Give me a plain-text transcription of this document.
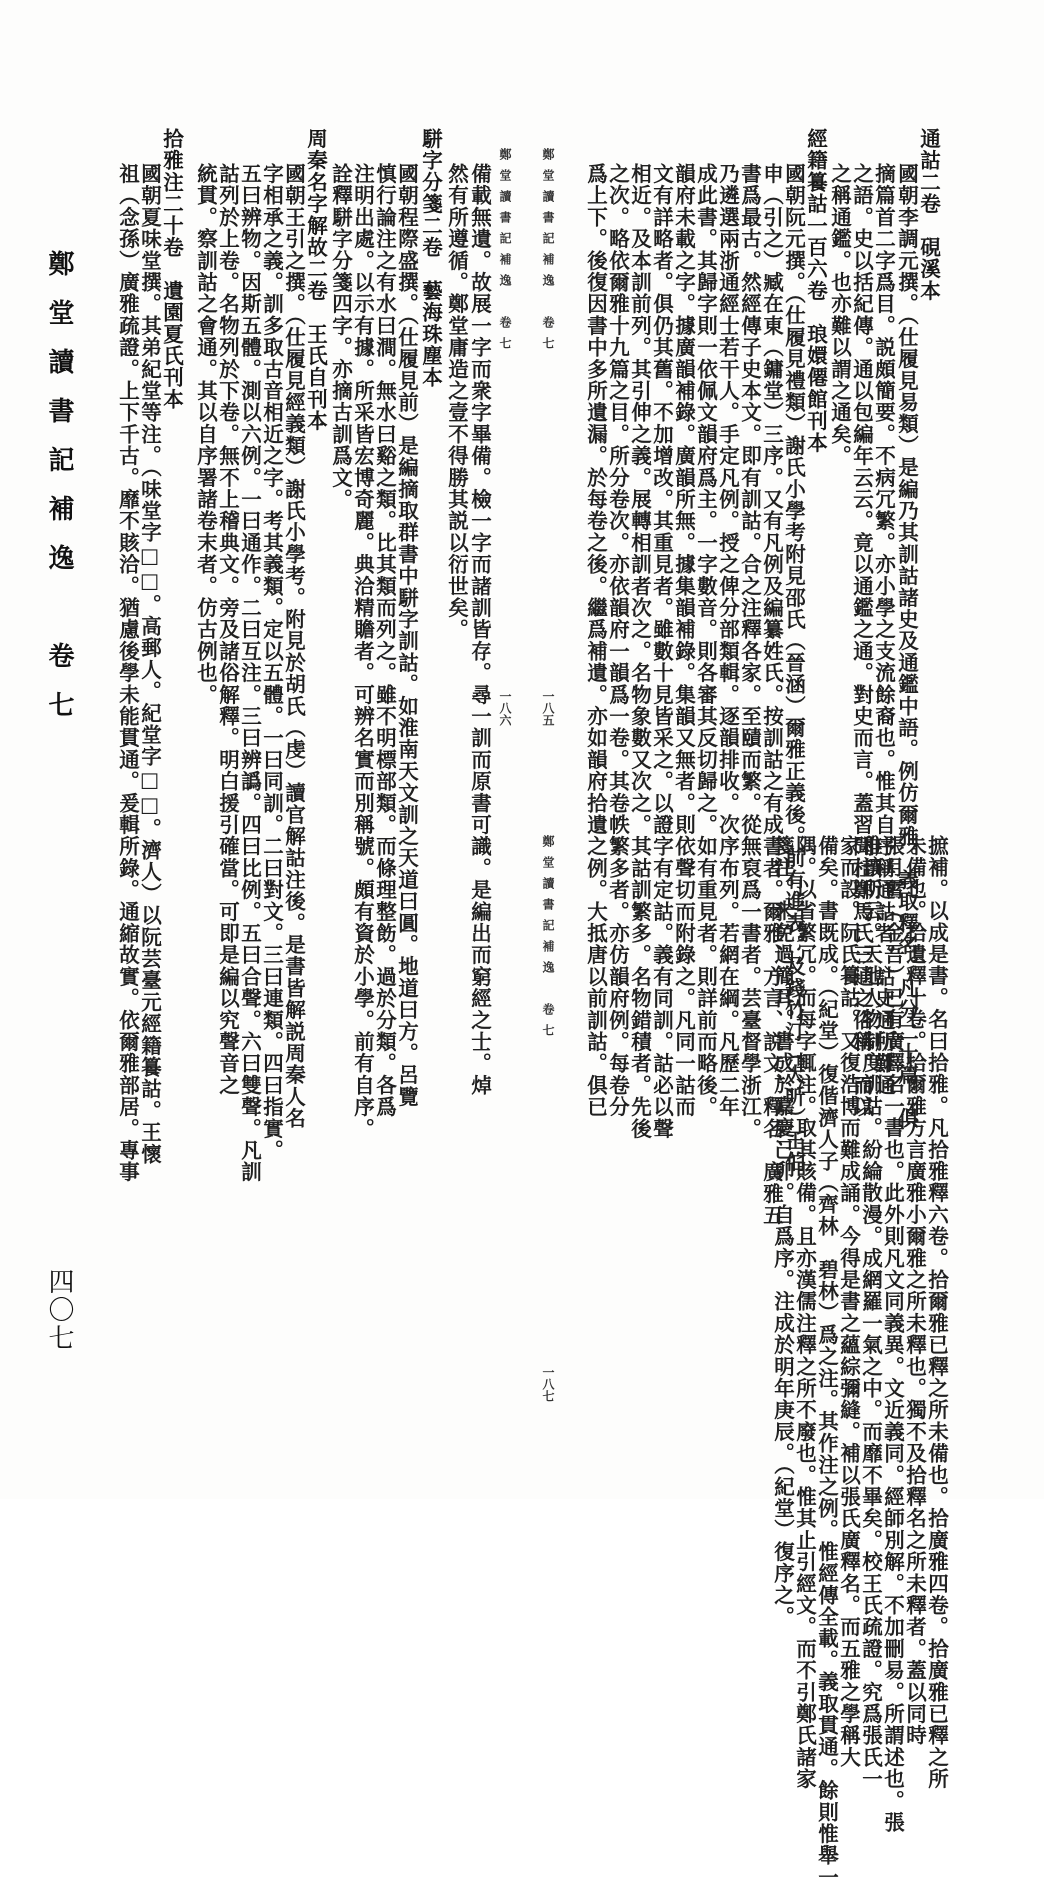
鄭堂讀書記補逸　卷七
四〇七
通詁二卷　硯溪本
國朝李調元撰。（仕履見易類）是編乃其訓詁諸史及通鑑中語。例仿爾雅。義取釋名。凡分二十篇。俱
摘篇首二字爲目。説頗簡要。不病冗繁。亦小學之支流餘裔也。惟其自序稱通詁者。詁史通所難通
之語。史以括紀傳。通以包編年云云。竟以通鑑之通。對史而言。蓋習聞杜鄭馬氏三通之俗稱。而以
之稱通鑑。也亦難以謂之通矣。
經籍籑詁一百六卷　琅嬛僊館刊本
國朝阮元撰。（仕履見禮類）謝氏小學考附見邵氏（晉涵）爾雅正義後。前有進表。及錢竹汀（大昕）王伯
申（引之）臧在東（鏞堂）三序。又有凡例及編纂姓氏。按訓詁之有成書者。爾雅、方言、説文、釋名、廣雅五
書爲最古。然經傳子史本文。即有訓詁。合之注釋各家。至賾而繁。從無裒爲一書者。芸臺督學浙江。
乃遴選兩浙通經士若干人。手定凡例。授之俾分部類輯。逐韻排收。次序布列。若網在綱。凡歷二年
成此書。其歸字則一依佩文韻府爲主。一字數音。則各審其反切歸之。如有重見者。則詳前而略後。
韻府未載之字。據廣韻補錄。廣韻所無。據集韻補錄。集韻又無者。則依聲切而附錄之。凡同一詁而
文有詳略者。俱仍其舊。不加增改。其重見者。雖數十見皆采之。以證字有定詁。義有同訓。詁必以聲
相近。及本訓前列。其引伸之義。展轉相訓者次之。名物象數又次之。其詁訓繁多。名物錯積者。先後
之次。略依爾雅十九篇之目。所分卷次。亦依韻府一韻爲一卷。其卷帙繁多者。亦仿韻府例。每卷分
爲上下。後復因書中多所遺漏。於每卷之後。繼爲補遺。亦如韻府拾遺之例。大抵唐以前訓詁。俱已
鄭堂讀書記補逸　卷七
一八五
鄭堂讀書記補逸　卷七
一八六
備載無遺。故展一字而衆字畢備。檢一字而諸訓皆存。尋一訓而原書可識。是編出而窮經之士。焯
然有所遵循。鄭堂庸造之壹不得勝其説以衍世矣。
駢字分箋二卷　藝海珠塵本
國朝程際盛撰。（仕履見前）是編摘取群書中駢字訓詁。如淮南天文訓之天道曰圓。地道曰方。呂覽
慎行論注之有水曰澗。無水曰谿之類。比其類而列之。雖不明標部類。而條理整飭。過於分類。各爲
注明出處。以示有據。所采皆宏博奇麗。典洽精贍者。可辨名實而別稱號。頗有資於小學。前有自序。
詮釋駢字分箋四字。亦摘古訓爲文。
周秦名字解故二卷　王氏自刊本
國朝王引之撰。（仕履見經義類）謝氏小學考。附見於胡氏（虔）讀官解詁注後。是書皆解説周秦人名
字相承之義。訓多取古音相近之字。考其義類。定以五體。一曰同訓。二曰對文。三曰連類。四曰指實。
五曰辨物。因斯五體。測以六例。一曰通作。二曰互注。三曰辨譌。四曰比例。五曰合聲。六曰雙聲。凡訓
詁列於上卷。名物列於下卷。無不上稽典文。旁及諸俗解釋。明白援引確當。可即是編以究聲音之
統貫。察訓詁之會通。其以自序署諸卷末者。仿古例也。
拾雅注二十卷　遺園夏氏刊本
國朝夏味堂撰。其弟紀堂等注。（味堂字□□。高郵人。紀堂字□□。濟人）以阮芸臺元經籍籑詁。王懷
祖（念孫）廣雅疏證。上下千古。靡不賅洽。猶慮後學未能貫通。爰輯所錄。通縮故實。依爾雅部居。專事
摭補。以成是書。名曰拾雅。凡拾雅釋六卷。拾爾雅已釋之所未備也。拾廣雅四卷。拾廣雅已釋之所
未備也。拾遺釋十卷。拾爾雅方言廣雅小爾雅之所未釋也。獨不及拾釋名之所未釋者。蓋以同時
張月霄（金吾）已有廣釋名一書也。此外則凡文同義異。文近義同。經師別解。不加刪易。所謂述也。張
稚讓所云。天地人物制度訓詁。紛綸散漫。成網羅一氣之中。而靡不畢矣。校王氏疏證。究爲張氏一
家而設。阮氏籑詁。又復浩博而難成誦。今得是書之蘊綜彌縫。補以張氏廣釋名。而五雅之學稱大
備矣。書既成。（紀堂）復偕濟人子（齊林　碧林）爲之注。其作注之例。惟經傳全載。義取貫通。餘則惟舉一
隅。以省繁冗。而每字輒注。取其賅備。且亦漢儒注釋之所不廢也。惟其止引經文。而不引鄭氏諸家
箋注。未免過簡耳。書成於嘉慶己卯。自爲序。注成於明年庚辰。（紀堂）復序之。
鄭堂讀書記補逸　卷七
一八七
